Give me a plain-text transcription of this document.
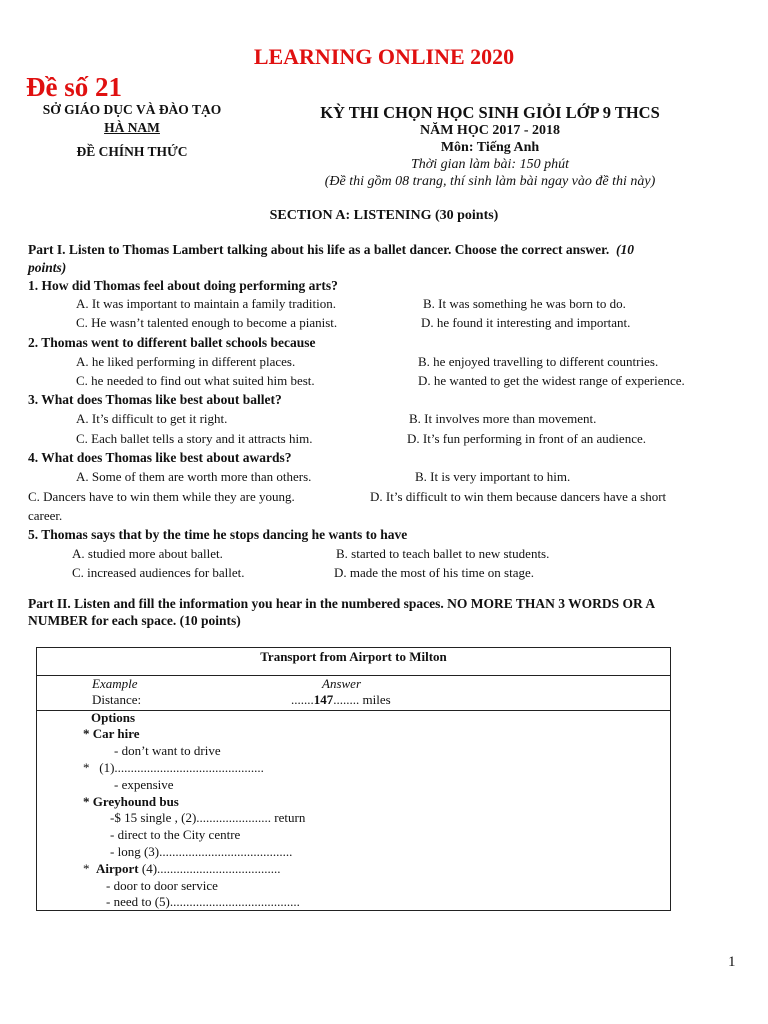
LEARNING ONLINE 2020
Đề số 21
SỞ GIÁO DỤC VÀ ĐÀO TẠO
HÀ NAM
ĐỀ CHÍNH THỨC
KỲ THI CHỌN HỌC SINH GIỎI LỚP 9 THCS
NĂM HỌC 2017 - 2018
Môn: Tiếng Anh
Thời gian làm bài: 150 phút
(Đề thi gồm 08 trang, thí sinh làm bài ngay vào đề thi này)
SECTION A: LISTENING (30 points)
Part I. Listen to Thomas Lambert talking about his life as a ballet dancer. Choose the correct answer. (10
points)
1. How did Thomas feel about doing performing arts?
A. It was important to maintain a family tradition.	B. It was something he was born to do.
C. He wasn’t talented enough to become a pianist.	D. he found it interesting and important.
2. Thomas went to different ballet schools because
A. he liked performing in different places.	B. he enjoyed travelling to different countries.
C. he needed to find out what suited him best.	D. he wanted to get the widest range of experience.
3. What does Thomas like best about ballet?
A. It’s difficult to get it right.	B. It involves more than movement.
C. Each ballet tells a story and it attracts him.	D. It’s fun performing in front of an audience.
4. What does Thomas like best about awards?
A. Some of them are worth more than others.	B. It is very important to him.
C. Dancers have to win them while they are young.	D. It’s difficult to win them because dancers have a short
career.
5. Thomas says that by the time he stops dancing he wants to have
A. studied more about ballet.	B. started to teach ballet to new students.
C. increased audiences for ballet.	D. made the most of his time on stage.
Part II. Listen and fill the information you hear in the numbered spaces. NO MORE THAN 3 WORDS OR A
NUMBER for each space. (10 points)
Transport from Airport to Milton
Example	Answer
Distance:	.......147........ miles
Options
* Car hire
- don’t want to drive
* (1)..............................................
- expensive
* Greyhound bus
-$ 15 single , (2)....................... return
- direct to the City centre
- long (3).........................................
* Airport (4)......................................
- door to door service
- need to (5)........................................
1
